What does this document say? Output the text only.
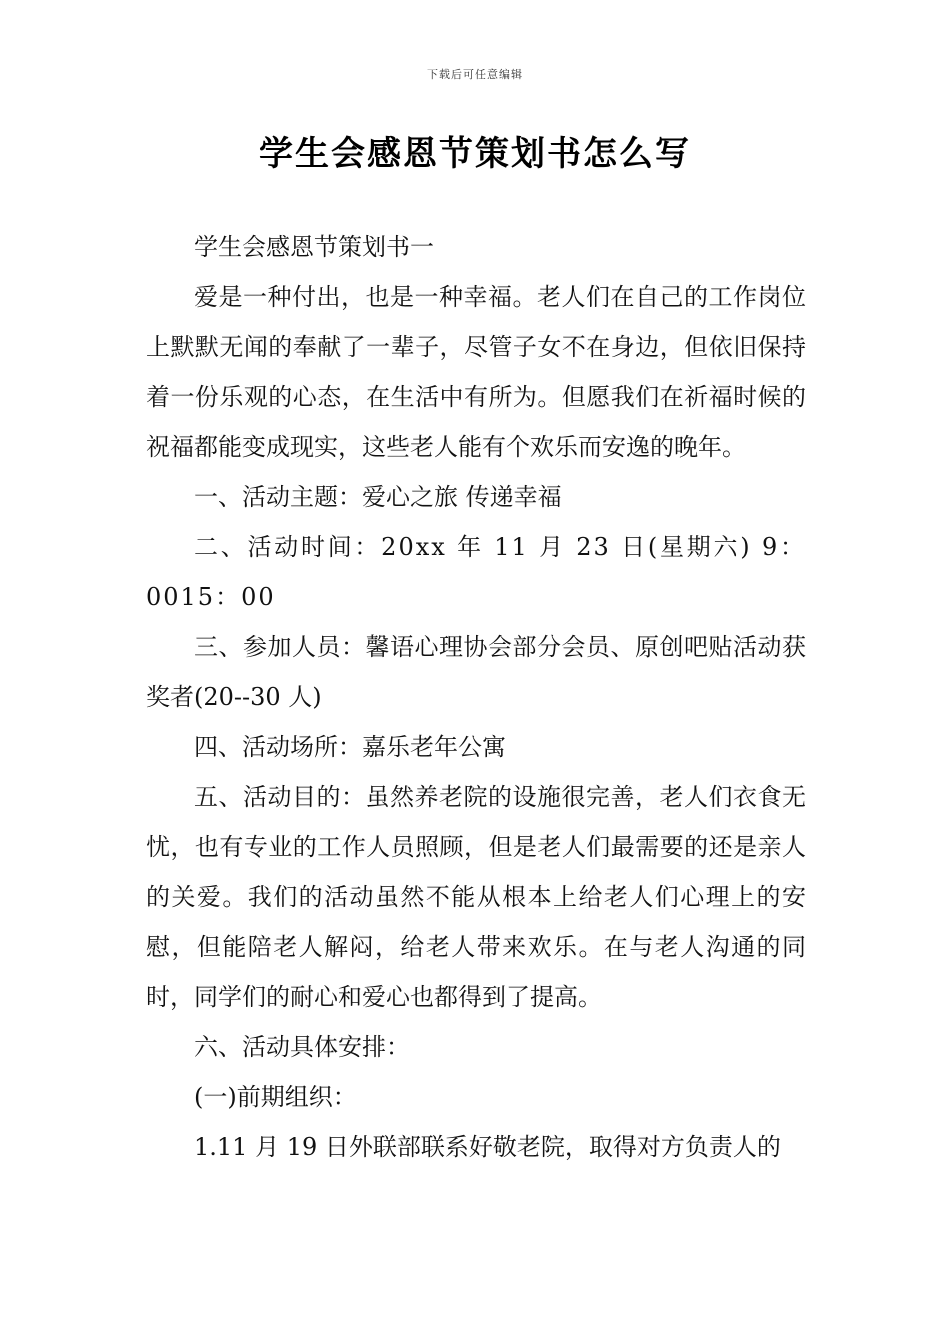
下载后可任意编辑
学生会感恩节策划书怎么写

学生会感恩节策划书一

爱是一种付出，也是一种幸福。老人们在自己的工作岗位上默默无闻的奉献了一辈子，尽管子女不在身边，但依旧保持着一份乐观的心态，在生活中有所为。但愿我们在祈福时候的祝福都能变成现实，这些老人能有个欢乐而安逸的晚年。

一、活动主题：爱心之旅 传递幸福

二、活动时间：20xx 年 11 月 23 日(星期六) 9：0015：00

三、参加人员：馨语心理协会部分会员、原创吧贴活动获奖者(20--30 人)

四、活动场所：嘉乐老年公寓

五、活动目的：虽然养老院的设施很完善，老人们衣食无忧，也有专业的工作人员照顾，但是老人们最需要的还是亲人的关爱。我们的活动虽然不能从根本上给老人们心理上的安慰，但能陪老人解闷，给老人带来欢乐。在与老人沟通的同时，同学们的耐心和爱心也都得到了提高。

六、活动具体安排：

(一)前期组织：

1.11 月 19 日外联部联系好敬老院，取得对方负责人的
